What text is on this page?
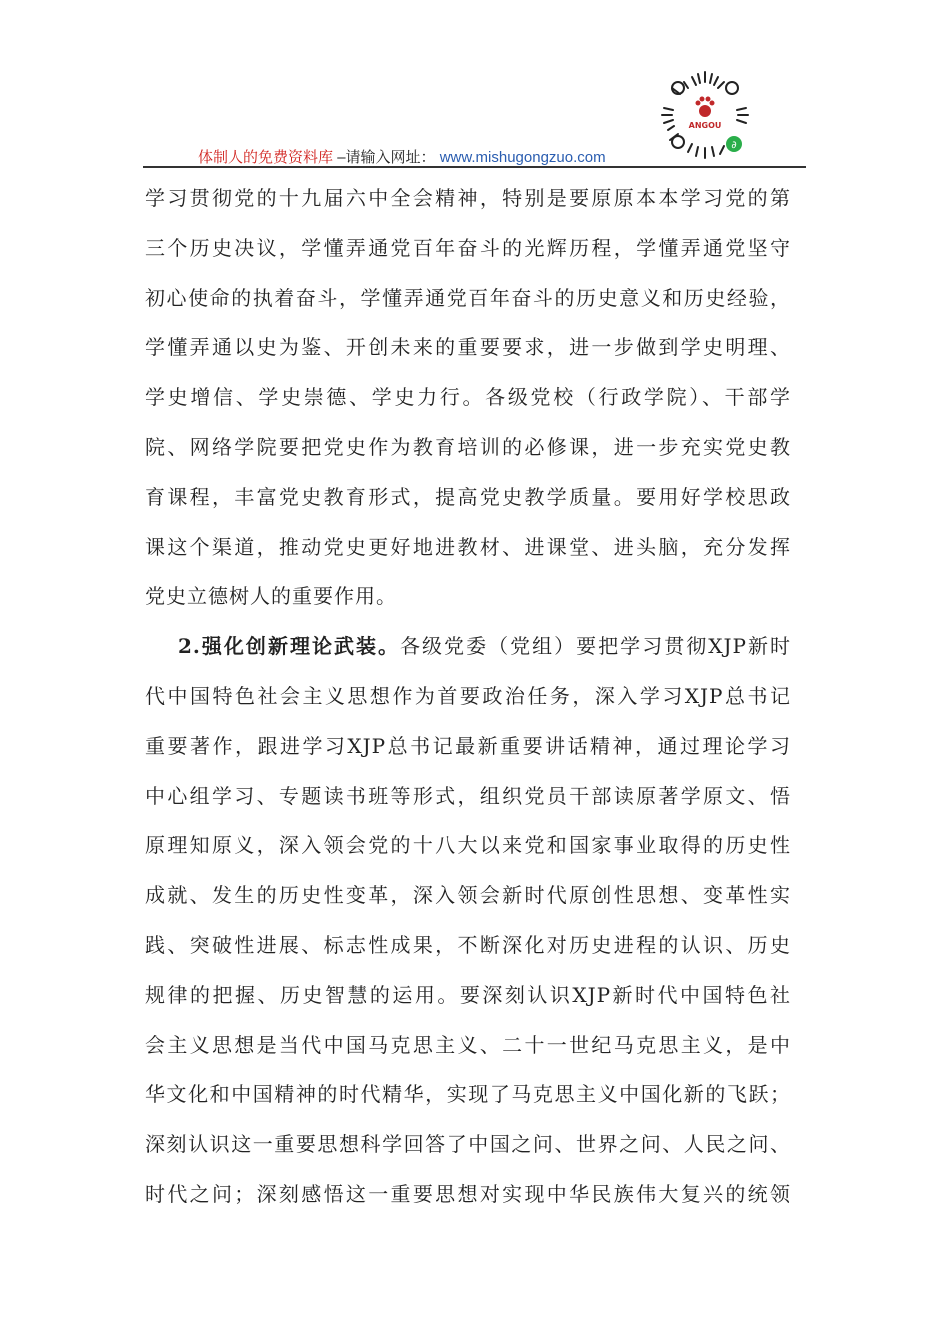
体制人的免费资料库 –请输入网址： www.mishugongzuo.com
ANGOU
∂
学习贯彻党的十九届六中全会精神，特别是要原原本本学习党的第
三个历史决议，学懂弄通党百年奋斗的光辉历程，学懂弄通党坚守
初心使命的执着奋斗，学懂弄通党百年奋斗的历史意义和历史经验，
学懂弄通以史为鉴、开创未来的重要要求，进一步做到学史明理、
学史增信、学史崇德、学史力行。各级党校（行政学院）、干部学
院、网络学院要把党史作为教育培训的必修课，进一步充实党史教
育课程，丰富党史教育形式，提高党史教学质量。要用好学校思政
课这个渠道，推动党史更好地进教材、进课堂、进头脑，充分发挥
党史立德树人的重要作用。
2.强化创新理论武装。各级党委（党组）要把学习贯彻XJP新时
代中国特色社会主义思想作为首要政治任务，深入学习XJP总书记
重要著作，跟进学习XJP总书记最新重要讲话精神，通过理论学习
中心组学习、专题读书班等形式，组织党员干部读原著学原文、悟
原理知原义，深入领会党的十八大以来党和国家事业取得的历史性
成就、发生的历史性变革，深入领会新时代原创性思想、变革性实
践、突破性进展、标志性成果，不断深化对历史进程的认识、历史
规律的把握、历史智慧的运用。要深刻认识XJP新时代中国特色社
会主义思想是当代中国马克思主义、二十一世纪马克思主义，是中
华文化和中国精神的时代精华，实现了马克思主义中国化新的飞跃；
深刻认识这一重要思想科学回答了中国之问、世界之问、人民之问、
时代之问；深刻感悟这一重要思想对实现中华民族伟大复兴的统领
